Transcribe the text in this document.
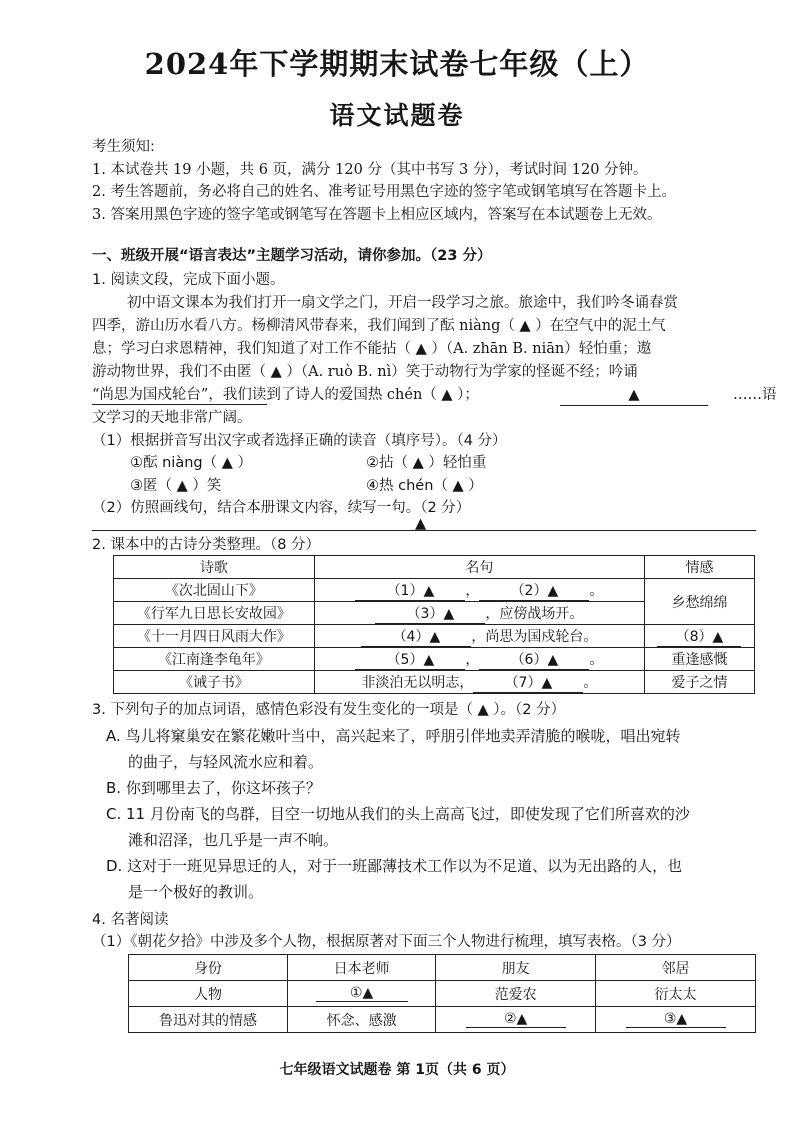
2024年下学期期末试卷七年级（上）
语文试题卷
考生须知:
1. 本试卷共 19 小题，共 6 页，满分 120 分（其中书写 3 分），考试时间 120 分钟。
2. 考生答题前，务必将自己的姓名、准考证号用黑色字迹的签字笔或钢笔填写在答题卡上。
3. 答案用黑色字迹的签字笔或钢笔写在答题卡上相应区域内，答案写在本试题卷上无效。
一、班级开展“语言表达”主题学习活动，请你参加。（23 分）
1. 阅读文段，完成下面小题。
初中语文课本为我们打开一扇文学之门，开启一段学习之旅。旅途中，我们吟冬诵春赏
四季，游山历水看八方。杨柳清风带春来，我们闻到了酝 niàng（ ▲ ）在空气中的泥土气
息；学习白求恩精神，我们知道了对工作不能拈（ ▲ ）（A. zhān B. niān）轻怕重；遨
游动物世界，我们不由匿（ ▲ ）（A. ruò B. nì）笑于动物行为学家的怪诞不经；吟诵
“尚思为国戍轮台”，我们读到了诗人的爱国热 chén（ ▲ ）；	▲	……语
文学习的天地非常广阔。
（1）根据拼音写出汉字或者选择正确的读音（填序号）。（4 分）
①酝 niàng（ ▲ ）	②拈（ ▲ ）轻怕重
③匿（ ▲ ）笑	④热 chén（ ▲ ）
（2）仿照画线句，结合本册课文内容，续写一句。（2 分）
▲
2. 课本中的古诗分类整理。（8 分）
诗歌	名句	情感
《次北固山下》	（1）▲ ， （2）▲ 。	乡愁绵绵
《行军九日思长安故园》	（3）▲ ，应傍战场开。	
《十一月四日风雨大作》	（4）▲ ，尚思为国戍轮台。	（8）▲
《江南逢李龟年》	（5）▲ ， （6）▲ 。	重逢感慨
《诫子书》	非淡泊无以明志， （7）▲ 。	爱子之情
3. 下列句子的加点词语，感情色彩没有发生变化的一项是（ ▲ ）。（2 分）
A. 鸟儿将窠巢安在繁花嫩叶当中，高兴起来了，呼朋引伴地卖弄清脆的喉咙，唱出宛转
的曲子，与轻风流水应和着。
B. 你到哪里去了，你这坏孩子？
C. 11 月份南飞的鸟群，目空一切地从我们的头上高高飞过，即使发现了它们所喜欢的沙
滩和沼泽，也几乎是一声不响。
D. 这对于一班见异思迁的人，对于一班鄙薄技术工作以为不足道、以为无出路的人，也
是一个极好的教训。
4. 名著阅读
（1）《朝花夕拾》中涉及多个人物，根据原著对下面三个人物进行梳理，填写表格。（3 分）
身份	日本老师	朋友	邻居
人物	①▲	范爱农	衍太太
鲁迅对其的情感	怀念、感激	②▲	③▲
七年级语文试题卷 第 1页（共 6 页）
